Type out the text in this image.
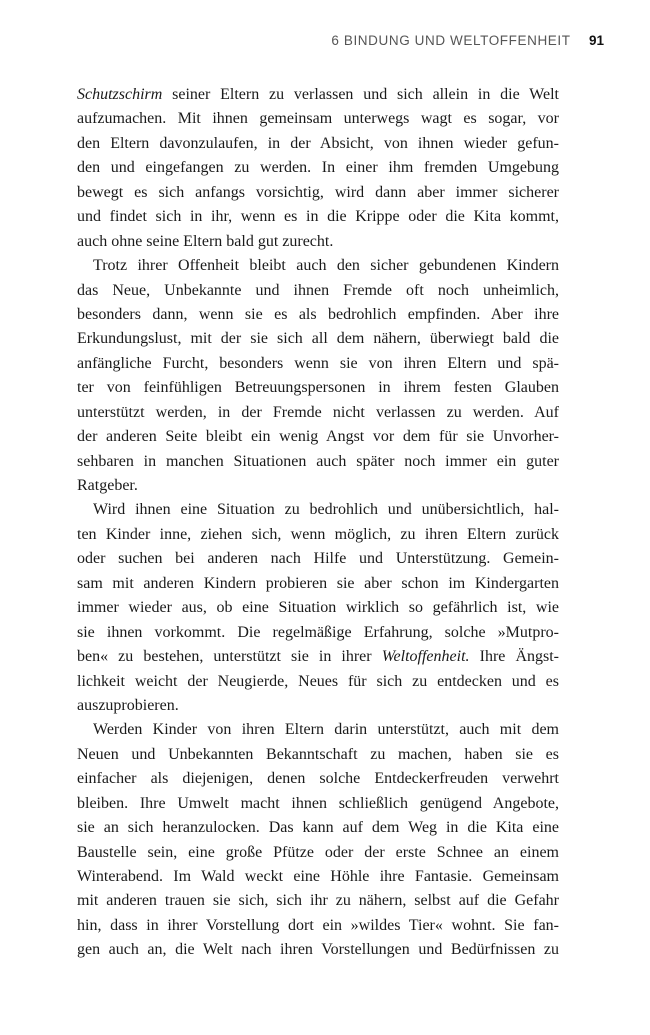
6 BINDUNG UND WELTOFFENHEIT 91
Schutzschirm seiner Eltern zu verlassen und sich allein in die Welt
aufzumachen. Mit ihnen gemeinsam unterwegs wagt es sogar, vor
den Eltern davonzulaufen, in der Absicht, von ihnen wieder gefun-
den und eingefangen zu werden. In einer ihm fremden Umgebung
bewegt es sich anfangs vorsichtig, wird dann aber immer sicherer
und findet sich in ihr, wenn es in die Krippe oder die Kita kommt,
auch ohne seine Eltern bald gut zurecht.
Trotz ihrer Offenheit bleibt auch den sicher gebundenen Kindern
das Neue, Unbekannte und ihnen Fremde oft noch unheimlich,
besonders dann, wenn sie es als bedrohlich empfinden. Aber ihre
Erkundungslust, mit der sie sich all dem nähern, überwiegt bald die
anfängliche Furcht, besonders wenn sie von ihren Eltern und spä-
ter von feinfühligen Betreuungspersonen in ihrem festen Glauben
unterstützt werden, in der Fremde nicht verlassen zu werden. Auf
der anderen Seite bleibt ein wenig Angst vor dem für sie Unvorher-
sehbaren in manchen Situationen auch später noch immer ein guter
Ratgeber.
Wird ihnen eine Situation zu bedrohlich und unübersichtlich, hal-
ten Kinder inne, ziehen sich, wenn möglich, zu ihren Eltern zurück
oder suchen bei anderen nach Hilfe und Unterstützung. Gemein-
sam mit anderen Kindern probieren sie aber schon im Kindergarten
immer wieder aus, ob eine Situation wirklich so gefährlich ist, wie
sie ihnen vorkommt. Die regelmäßige Erfahrung, solche »Mutpro-
ben« zu bestehen, unterstützt sie in ihrer Weltoffenheit. Ihre Ängst-
lichkeit weicht der Neugierde, Neues für sich zu entdecken und es
auszuprobieren.
Werden Kinder von ihren Eltern darin unterstützt, auch mit dem
Neuen und Unbekannten Bekanntschaft zu machen, haben sie es
einfacher als diejenigen, denen solche Entdeckerfreuden verwehrt
bleiben. Ihre Umwelt macht ihnen schließlich genügend Angebote,
sie an sich heranzulocken. Das kann auf dem Weg in die Kita eine
Baustelle sein, eine große Pfütze oder der erste Schnee an einem
Winterabend. Im Wald weckt eine Höhle ihre Fantasie. Gemeinsam
mit anderen trauen sie sich, sich ihr zu nähern, selbst auf die Gefahr
hin, dass in ihrer Vorstellung dort ein »wildes Tier« wohnt. Sie fan-
gen auch an, die Welt nach ihren Vorstellungen und Bedürfnissen zu
